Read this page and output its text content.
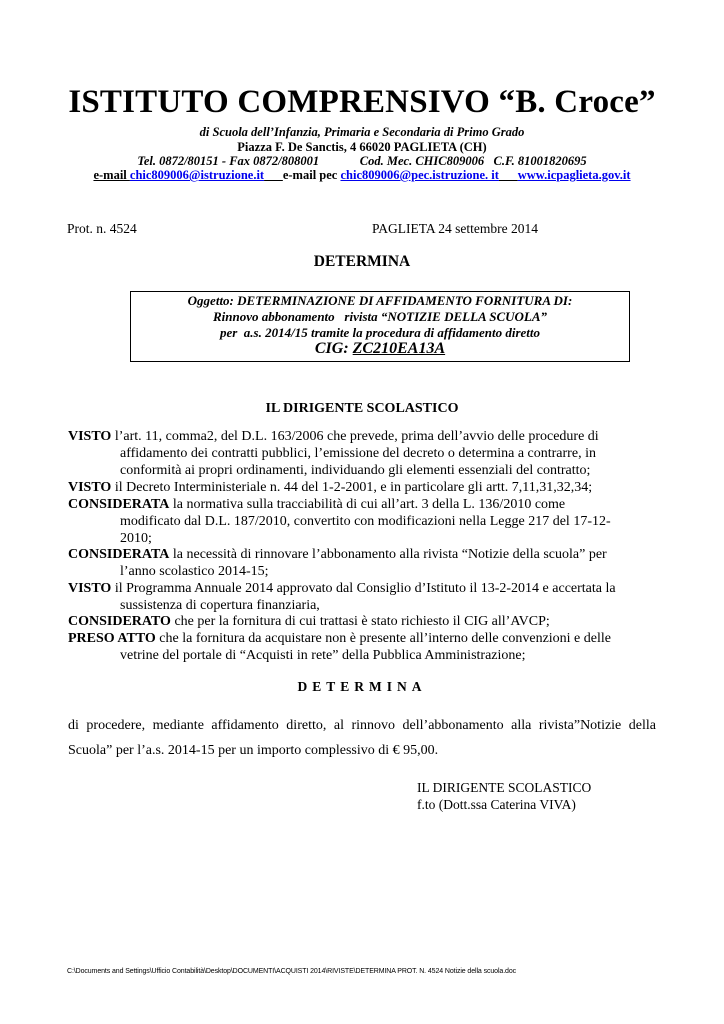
ISTITUTO COMPRENSIVO “B. Croce”
di Scuola dell’Infanzia, Primaria e Secondaria di Primo Grado
Piazza F. De Sanctis, 4 66020 PAGLIETA (CH)
Tel. 0872/80151 - Fax 0872/808001	Cod. Mec. CHIC809006   C.F. 81001820695
e-mail chic809006@istruzione.it e-mail pec chic809006@pec.istruzione. it www.icpaglieta.gov.it
Prot. n. 4524	PAGLIETA 24 settembre 2014
DETERMINA
Oggetto: DETERMINAZIONE DI AFFIDAMENTO FORNITURA DI:
Rinnovo abbonamento   rivista “NOTIZIE DELLA SCUOLA”
per  a.s. 2014/15 tramite la procedura di affidamento diretto
CIG: ZC210EA13A
IL DIRIGENTE SCOLASTICO
VISTO l’art. 11, comma2, del D.L. 163/2006 che prevede, prima dell’avvio delle procedure di
affidamento dei contratti pubblici, l’emissione del decreto o determina a contrarre, in
conformità ai propri ordinamenti, individuando gli elementi essenziali del contratto;
VISTO il Decreto Interministeriale n. 44 del 1-2-2001, e in particolare gli artt. 7,11,31,32,34;
CONSIDERATA la normativa sulla tracciabilità di cui all’art. 3 della L. 136/2010 come
modificato dal D.L. 187/2010, convertito con modificazioni nella Legge 217 del 17-12-
2010;
CONSIDERATA la necessità di rinnovare l’abbonamento alla rivista “Notizie della scuola” per
l’anno scolastico 2014-15;
VISTO il Programma Annuale 2014 approvato dal Consiglio d’Istituto il 13-2-2014 e accertata la
sussistenza di copertura finanziaria,
CONSIDERATO che per la fornitura di cui trattasi è stato richiesto il CIG all’AVCP;
PRESO ATTO che la fornitura da acquistare non è presente all’interno delle convenzioni e delle
vetrine del portale di “Acquisti in rete” della Pubblica Amministrazione;
DETERMINA
di procedere, mediante affidamento diretto, al rinnovo dell’abbonamento alla rivista”Notizie della Scuola” per l’a.s. 2014-15 per un importo complessivo di € 95,00.
IL DIRIGENTE SCOLASTICO
f.to (Dott.ssa Caterina VIVA)
C:\Documents and Settings\Ufficio Contabilità\Desktop\DOCUMENTI\ACQUISTI 2014\RIVISTE\DETERMINA PROT. N. 4524 Notizie della scuola.doc
